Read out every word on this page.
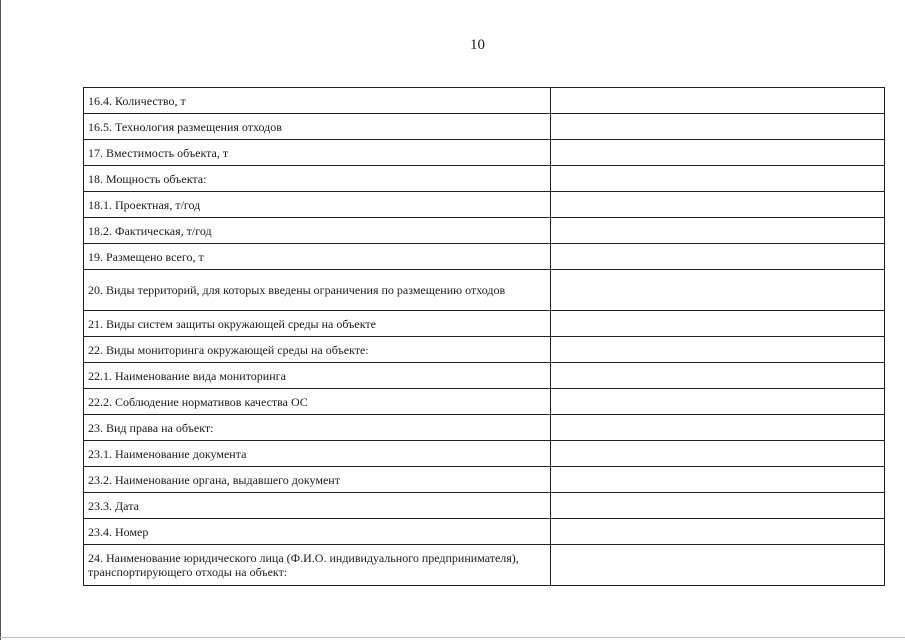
10
16.4. Количество, т	
16.5. Технология размещения отходов	
17. Вместимость объекта, т	
18. Мощность объекта:	
18.1. Проектная, т/год	
18.2. Фактическая, т/год	
19. Размещено всего, т	
20. Виды территорий, для которых введены ограничения по размещению отходов	
21. Виды систем защиты окружающей среды на объекте	
22. Виды мониторинга окружающей среды на объекте:	
22.1. Наименование вида мониторинга	
22.2. Соблюдение нормативов качества ОС	
23. Вид права на объект:	
23.1. Наименование документа	
23.2. Наименование органа, выдавшего документ	
23.3. Дата	
23.4. Номер	
24. Наименование юридического лица (Ф.И.О. индивидуального предпринимателя), транспортирующего отходы на объект:	
